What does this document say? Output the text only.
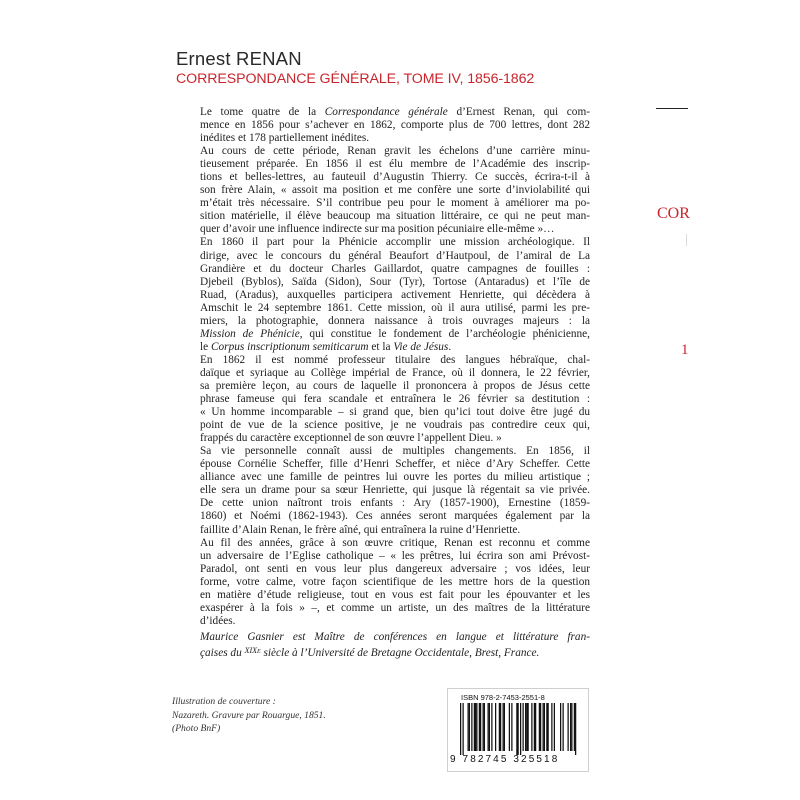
Ernest RENAN
CORRESPONDANCE GÉNÉRALE, TOME IV, 1856-1862
Le tome quatre de la Correspondance générale d’Ernest Renan, qui com-
mence en 1856 pour s’achever en 1862, comporte plus de 700 lettres, dont 282
inédites et 178 partiellement inédites.
Au cours de cette période, Renan gravit les échelons d’une carrière minu-
tieusement préparée. En 1856 il est élu membre de l’Académie des inscrip-
tions et belles-lettres, au fauteuil d’Augustin Thierry. Ce succès, écrira-t-il à
son frère Alain, « assoit ma position et me confère une sorte d’inviolabilité qui
m’était très nécessaire. S’il contribue peu pour le moment à améliorer ma po-
sition matérielle, il élève beaucoup ma situation littéraire, ce qui ne peut man-
quer d’avoir une influence indirecte sur ma position pécuniaire elle-même »…
En 1860 il part pour la Phénicie accomplir une mission archéologique. Il
dirige, avec le concours du général Beaufort d’Hautpoul, de l’amiral de La
Grandière et du docteur Charles Gaillardot, quatre campagnes de fouilles :
Djebeil (Byblos), Saïda (Sidon), Sour (Tyr), Tortose (Antaradus) et l’île de
Ruad, (Aradus), auxquelles participera activement Henriette, qui décèdera à
Amschit le 24 septembre 1861. Cette mission, où il aura utilisé, parmi les pre-
miers, la photographie, donnera naissance à trois ouvrages majeurs : la
Mission de Phénicie, qui constitue le fondement de l’archéologie phénicienne,
le Corpus inscriptionum semiticarum et la Vie de Jésus.
En 1862 il est nommé professeur titulaire des langues hébraïque, chal-
daïque et syriaque au Collège impérial de France, où il donnera, le 22 février,
sa première leçon, au cours de laquelle il prononcera à propos de Jésus cette
phrase fameuse qui fera scandale et entraînera le 26 février sa destitution :
« Un homme incomparable – si grand que, bien qu’ici tout doive être jugé du
point de vue de la science positive, je ne voudrais pas contredire ceux qui,
frappés du caractère exceptionnel de son œuvre l’appellent Dieu. »
Sa vie personnelle connaît aussi de multiples changements. En 1856, il
épouse Cornélie Scheffer, fille d’Henri Scheffer, et nièce d’Ary Scheffer. Cette
alliance avec une famille de peintres lui ouvre les portes du milieu artistique ;
elle sera un drame pour sa sœur Henriette, qui jusque là régentait sa vie privée.
De cette union naîtront trois enfants : Ary (1857-1900), Ernestine (1859-
1860) et Noémi (1862-1943). Ces années seront marquées également par la
faillite d’Alain Renan, le frère aîné, qui entraînera la ruine d’Henriette.
Au fil des années, grâce à son œuvre critique, Renan est reconnu et comme
un adversaire de l’Eglise catholique – « les prêtres, lui écrira son ami Prévost-
Paradol, ont senti en vous leur plus dangereux adversaire ; vos idées, leur
forme, votre calme, votre façon scientifique de les mettre hors de la question
en matière d’étude religieuse, tout en vous est fait pour les épouvanter et les
exaspérer à la fois » –, et comme un artiste, un des maîtres de la littérature
d’idées.
Maurice Gasnier est Maître de conférences en langue et littérature fran-
çaises du $^{XIXe}$ siècle à l’Université de Bretagne Occidentale, Brest, France.
Illustration de couverture :
Nazareth. Gravure par Rouargue, 1851.
(Photo BnF)
ISBN 978-2-7453-2551-8
9 782745 325518
COR
1
